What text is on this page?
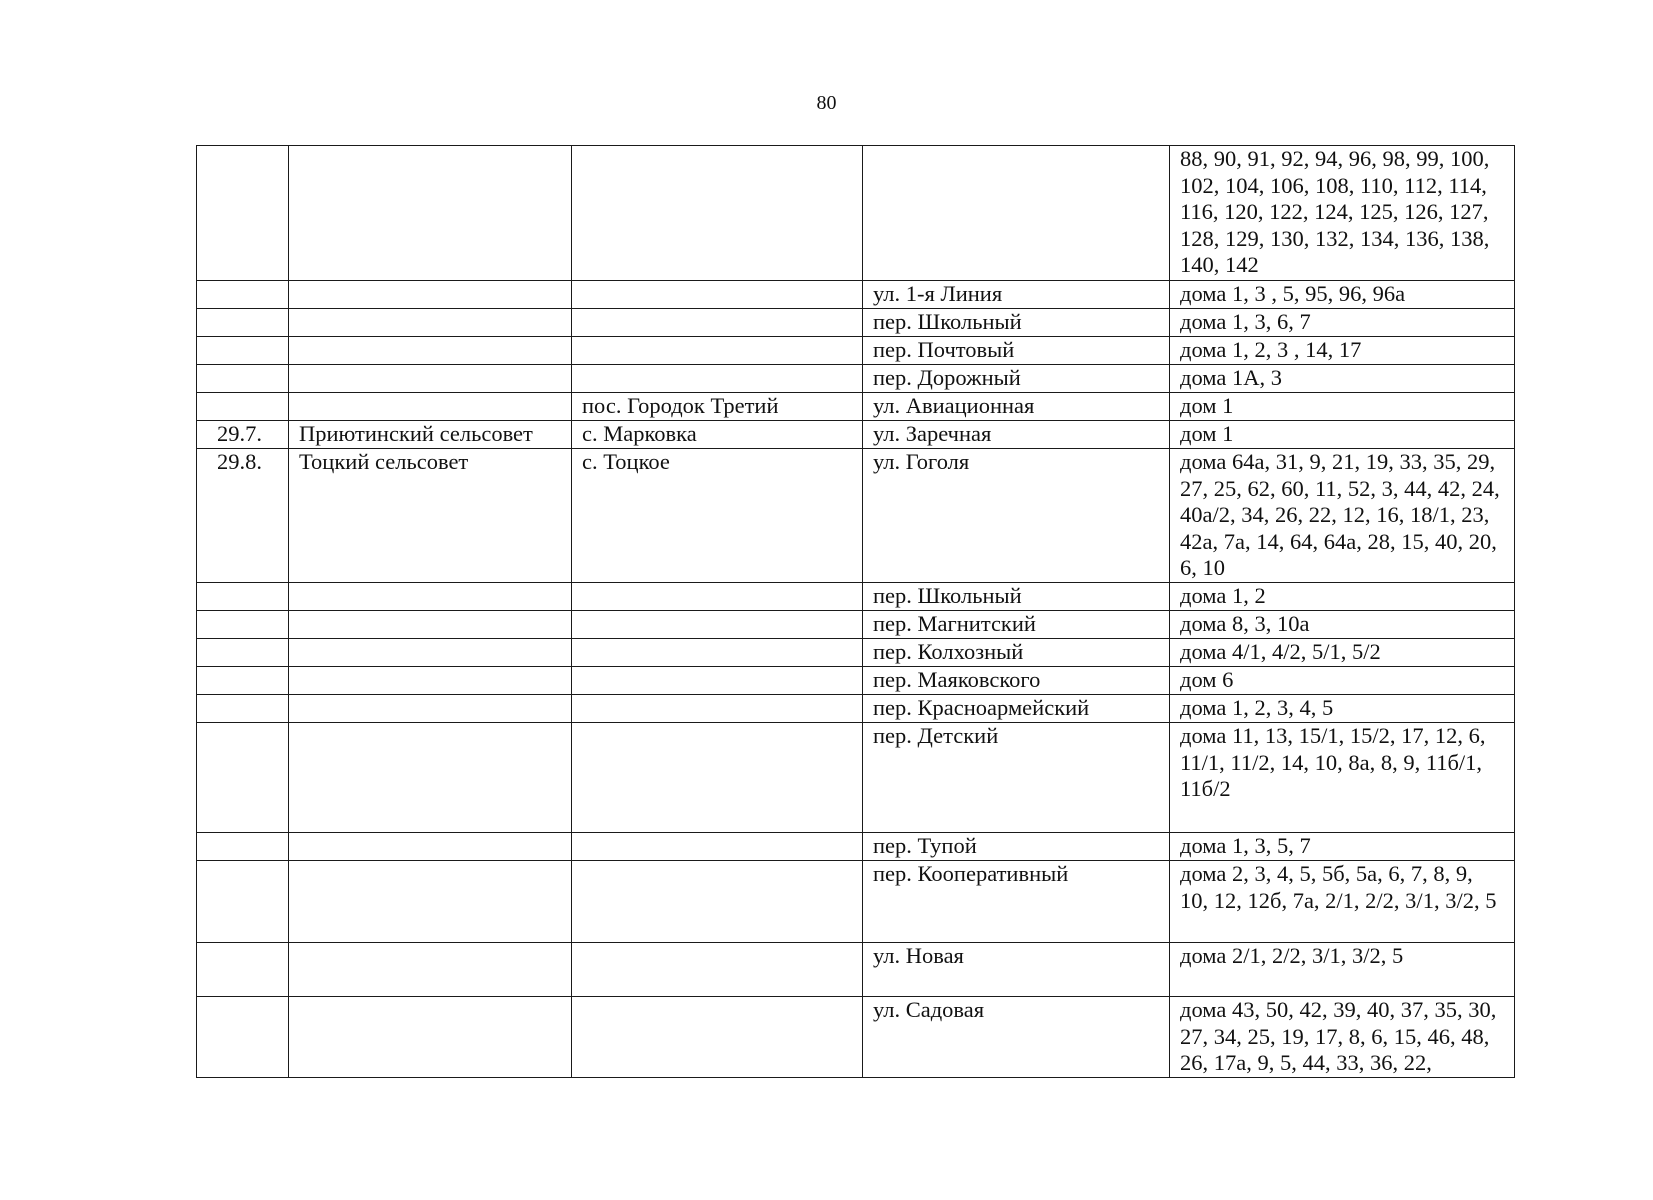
80
				88, 90, 91, 92, 94, 96, 98, 99, 100, 102, 104, 106, 108, 110, 112, 114, 116, 120, 122, 124, 125, 126, 127, 128, 129, 130, 132, 134, 136, 138, 140, 142
			ул. 1-я Линия	дома 1, 3 , 5, 95, 96, 96а
			пер. Школьный	дома 1, 3, 6, 7
			пер. Почтовый	дома 1, 2, 3 , 14, 17
			пер. Дорожный	дома 1А, 3
		пос. Городок Третий	ул. Авиационная	дом 1
29.7.	Приютинский сельсовет	с. Марковка	ул. Заречная	дом 1
29.8.	Тоцкий сельсовет	с. Тоцкое	ул. Гоголя	дома 64а, 31, 9, 21, 19, 33, 35, 29, 27, 25, 62, 60, 11, 52, 3, 44, 42, 24, 40а/2, 34, 26, 22, 12, 16, 18/1, 23, 42а, 7а, 14, 64, 64а, 28, 15, 40, 20, 6, 10
			пер. Школьный	дома 1, 2
			пер. Магнитский	дома 8, 3, 10а
			пер. Колхозный	дома 4/1, 4/2, 5/1, 5/2
			пер. Маяковского	дом 6
			пер. Красноармейский	дома 1, 2, 3, 4, 5
			пер. Детский	дома 11, 13, 15/1, 15/2, 17, 12, 6, 11/1, 11/2, 14, 10, 8а, 8, 9, 11б/1, 11б/2
			пер. Тупой	дома 1, 3, 5, 7
			пер. Кооперативный	дома 2, 3, 4, 5, 5б, 5а, 6, 7, 8, 9, 10, 12, 12б, 7а, 2/1, 2/2, 3/1, 3/2, 5
			ул. Новая	дома 2/1, 2/2, 3/1, 3/2, 5
			ул. Садовая	дома 43, 50, 42, 39, 40, 37, 35, 30, 27, 34, 25, 19, 17, 8, 6, 15, 46, 48, 26, 17а, 9, 5, 44, 33, 36, 22,
